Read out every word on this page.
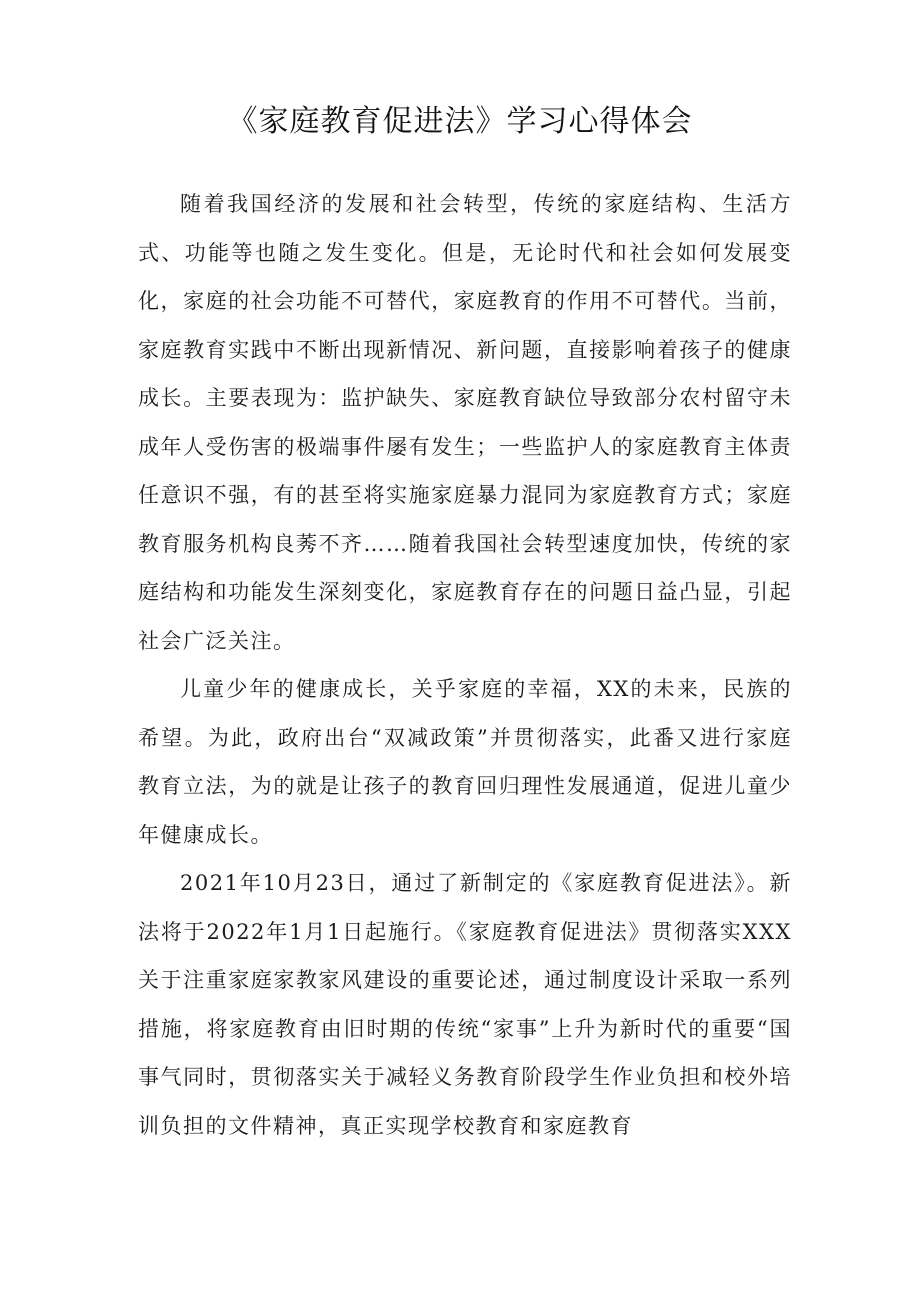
《家庭教育促进法》学习心得体会

随着我国经济的发展和社会转型，传统的家庭结构、生活方式、功能等也随之发生变化。但是，无论时代和社会如何发展变化，家庭的社会功能不可替代，家庭教育的作用不可替代。当前，家庭教育实践中不断出现新情况、新问题，直接影响着孩子的健康成长。主要表现为：监护缺失、家庭教育缺位导致部分农村留守未成年人受伤害的极端事件屡有发生；一些监护人的家庭教育主体责任意识不强，有的甚至将实施家庭暴力混同为家庭教育方式；家庭教育服务机构良莠不齐……随着我国社会转型速度加快，传统的家庭结构和功能发生深刻变化，家庭教育存在的问题日益凸显，引起社会广泛关注。

儿童少年的健康成长，关乎家庭的幸福，XX的未来，民族的希望。为此，政府出台“双减政策”并贯彻落实，此番又进行家庭教育立法，为的就是让孩子的教育回归理性发展通道，促进儿童少年健康成长。

2021年10月23日，通过了新制定的《家庭教育促进法》。新法将于2022年1月1日起施行。《家庭教育促进法》贯彻落实XXX关于注重家庭家教家风建设的重要论述，通过制度设计采取一系列措施，将家庭教育由旧时期的传统“家事”上升为新时代的重要“国事气同时，贯彻落实关于减轻义务教育阶段学生作业负担和校外培训负担的文件精神，真正实现学校教育和家庭教育
